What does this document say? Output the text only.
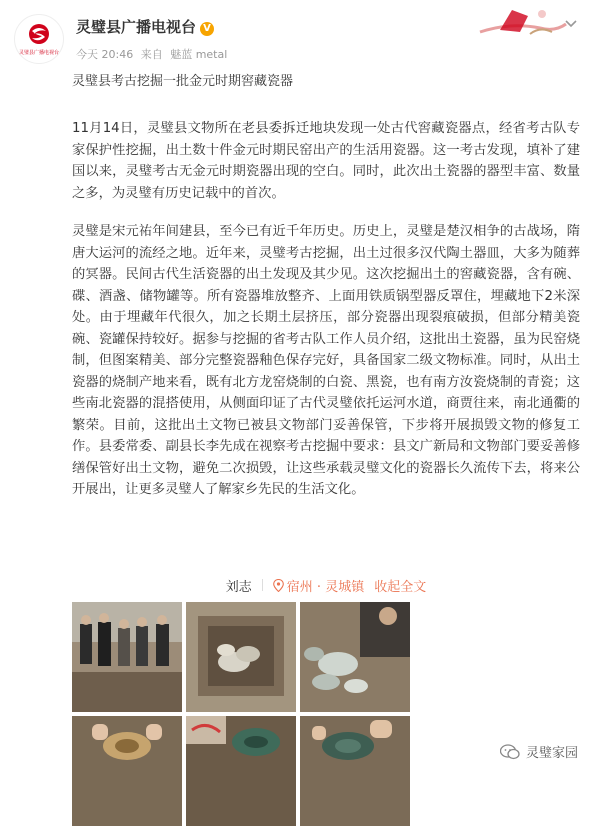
灵璧县广播电视台
灵璧县广播电视台 V
今天 20:46 来自 魅蓝 metal
灵璧县考古挖掘一批金元时期窖藏瓷器

11月14日，灵璧县文物所在老县委拆迁地块发现一处古代窖藏瓷器点，经省考古队专家保护性挖掘，出土数十件金元时期民窑出产的生活用瓷器。这一考古发现，填补了建国以来，灵璧考古无金元时期瓷器出现的空白。同时，此次出土瓷器的器型丰富、数量之多，为灵璧有历史记载中的首次。

灵璧是宋元祐年间建县，至今已有近千年历史。历史上，灵璧是楚汉相争的古战场，隋唐大运河的流经之地。近年来，灵璧考古挖掘，出土过很多汉代陶土器皿，大多为随葬的冥器。民间古代生活瓷器的出土发现及其少见。这次挖掘出土的窖藏瓷器，含有碗、碟、酒盏、储物罐等。所有瓷器堆放整齐、上面用铁质锅型器反罩住，埋藏地下2米深处。由于埋藏年代很久，加之长期土层挤压，部分瓷器出现裂痕破损，但部分精美瓷碗、瓷罐保持较好。据参与挖掘的省考古队工作人员介绍，这批出土瓷器，虽为民窑烧制，但图案精美、部分完整瓷器釉色保存完好，具备国家二级文物标准。同时，从出土瓷器的烧制产地来看，既有北方龙窑烧制的白瓷、黑瓷，也有南方汝瓷烧制的青瓷；这些南北瓷器的混搭使用，从侧面印证了古代灵璧依托运河水道，商贾往来，南北通衢的繁荣。目前，这批出土文物已被县文物部门妥善保管，下步将开展损毁文物的修复工作。县委常委、副县长李先成在视察考古挖掘中要求：县文广新局和文物部门要妥善修缮保管好出土文物，避免二次损毁，让这些承载灵璧文化的瓷器长久流传下去，将来公开展出，让更多灵璧人了解家乡先民的生活文化。

刘志	宿州 · 灵城镇 收起全文
灵璧家园
